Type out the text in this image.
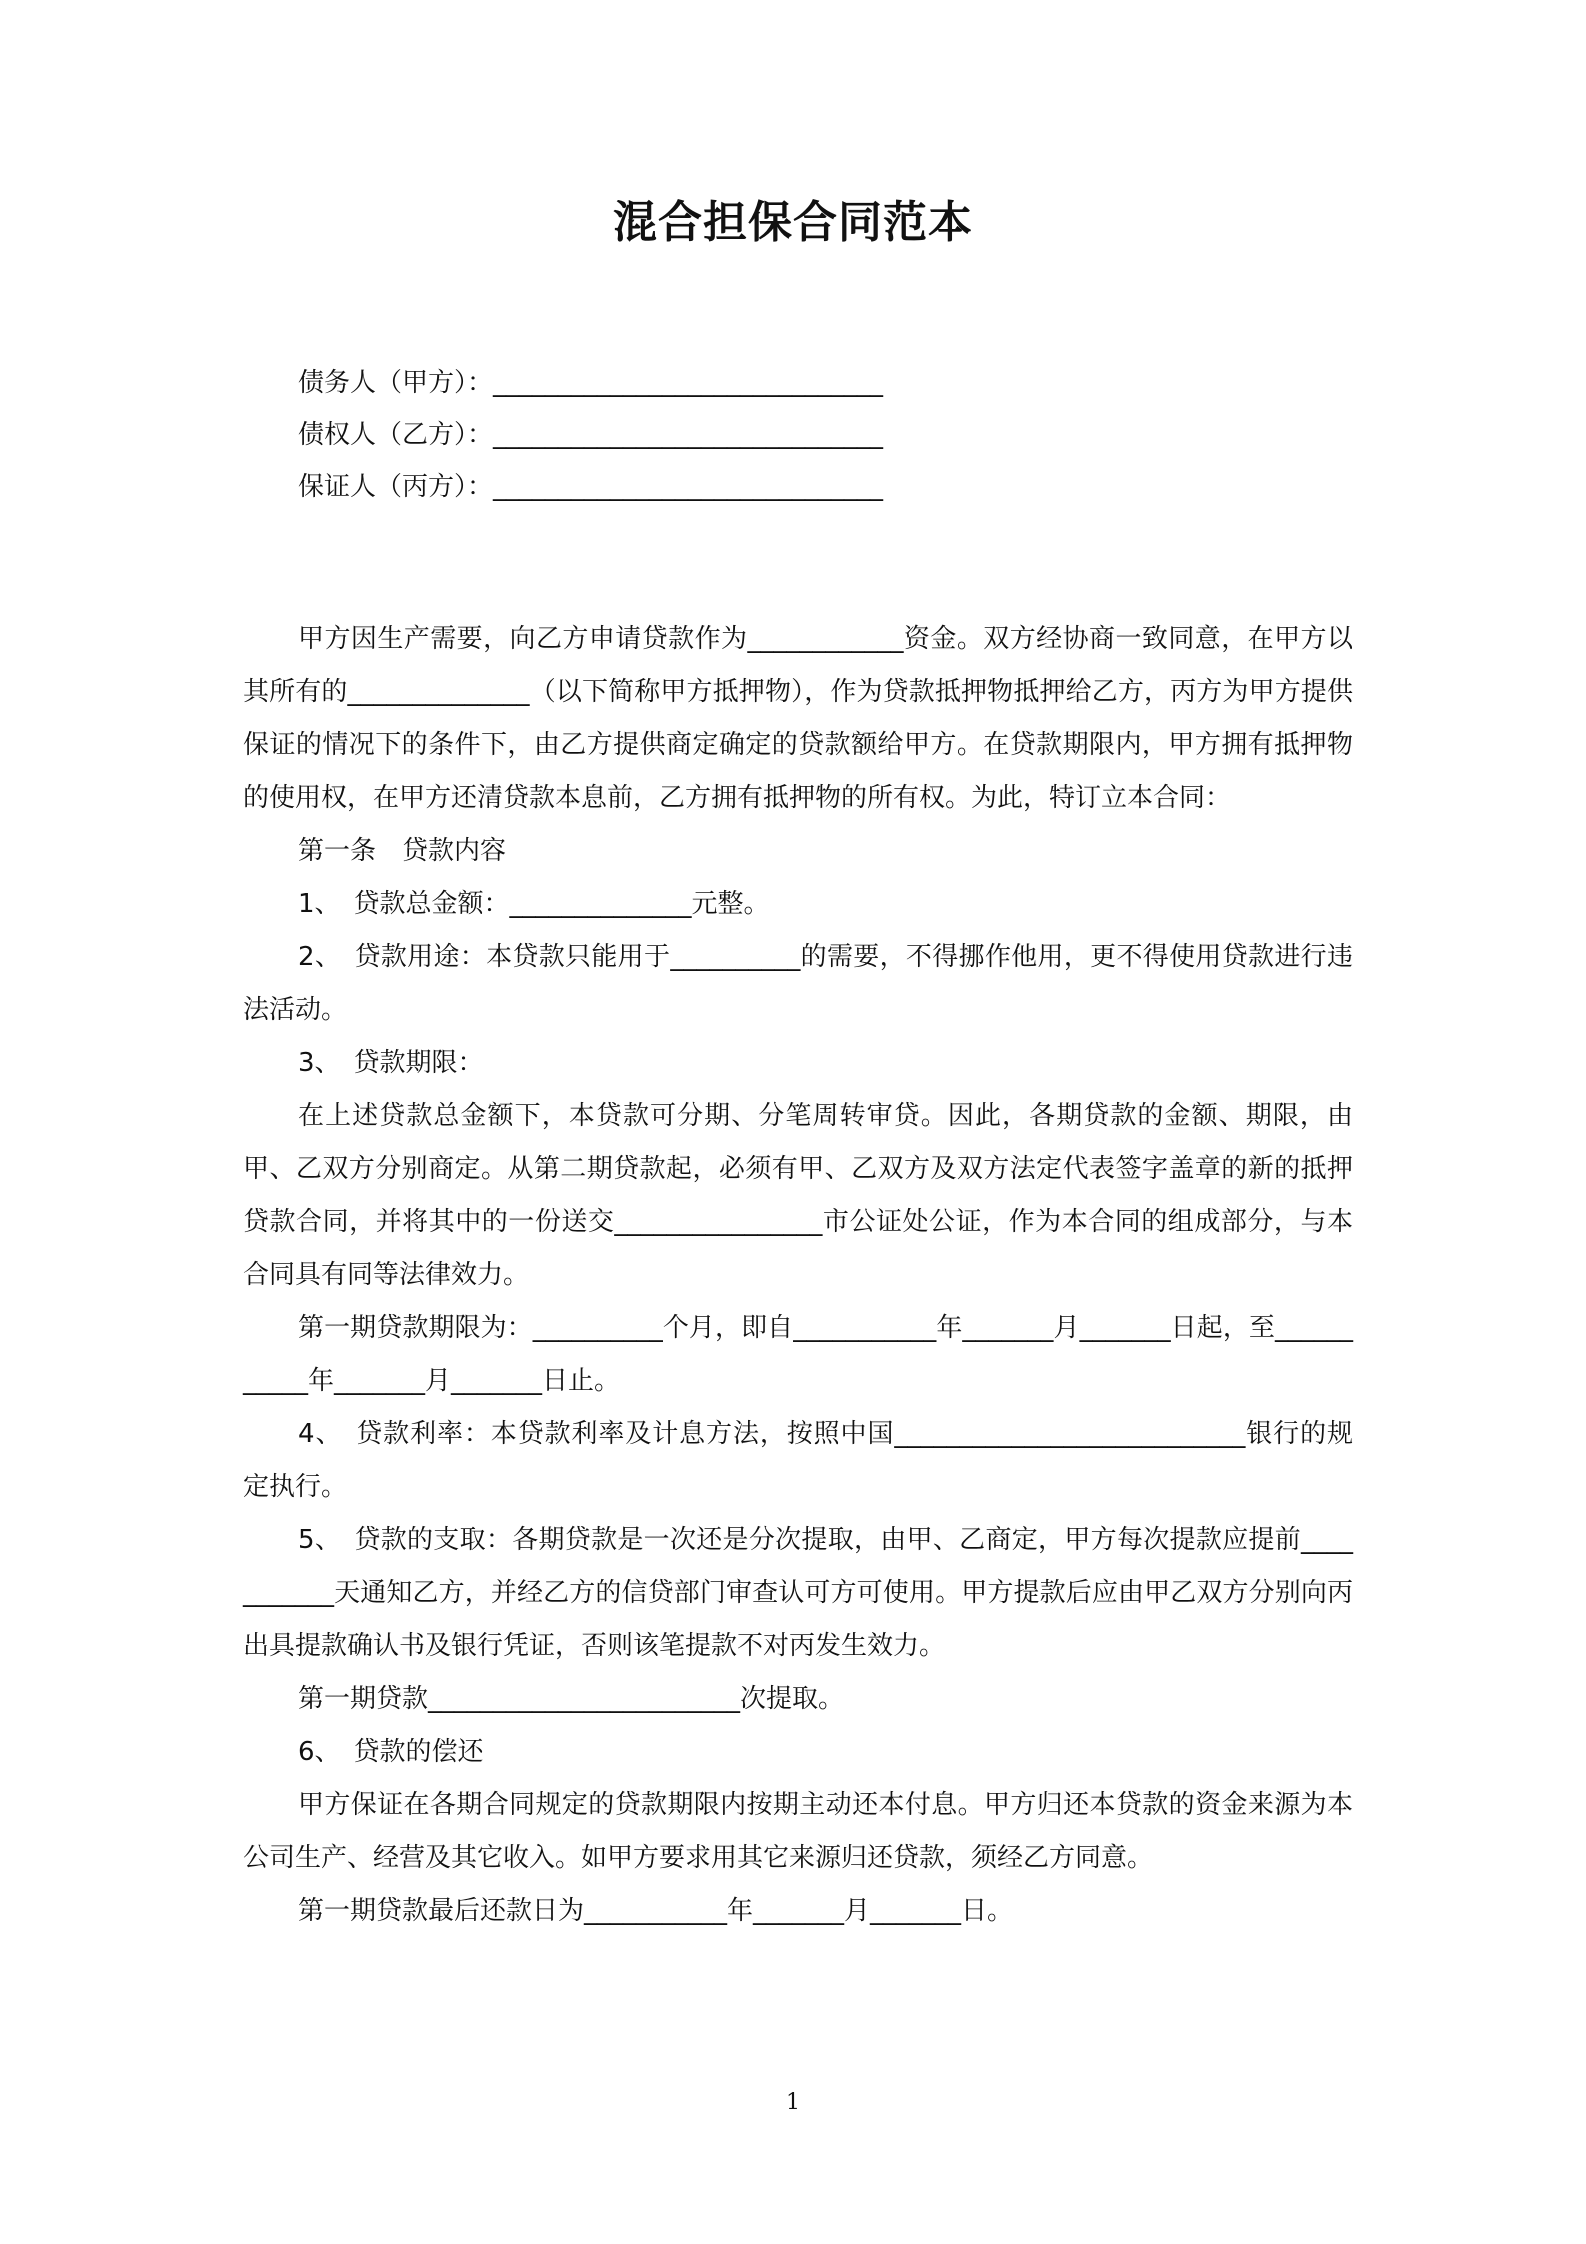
混合担保合同范本
债务人（甲方）：______________________________
债权人（乙方）：______________________________
保证人（丙方）：______________________________

甲方因生产需要，向乙方申请贷款作为____________资金。双方经协商一致同意，在甲方以其所有的______________（以下简称甲方抵押物），作为贷款抵押物抵押给乙方，丙方为甲方提供保证的情况下的条件下，由乙方提供商定确定的贷款额给甲方。在贷款期限内，甲方拥有抵押物的使用权，在甲方还清贷款本息前，乙方拥有抵押物的所有权。为此，特订立本合同：

第一条　贷款内容

1、　贷款总金额：______________元整。

2、　贷款用途：本贷款只能用于__________的需要，不得挪作他用，更不得使用贷款进行违法活动。

3、　贷款期限：

在上述贷款总金额下，本贷款可分期、分笔周转审贷。因此，各期贷款的金额、期限，由甲、乙双方分别商定。从第二期贷款起，必须有甲、乙双方及双方法定代表签字盖章的新的抵押贷款合同，并将其中的一份送交________________市公证处公证，作为本合同的组成部分，与本合同具有同等法律效力。

第一期贷款期限为：__________个月，即自___________年_______月_______日起，至___________年_______月_______日止。

4、　贷款利率：本贷款利率及计息方法，按照中国___________________________银行的规定执行。

5、　贷款的支取：各期贷款是一次还是分次提取，由甲、乙商定，甲方每次提款应提前___________天通知乙方，并经乙方的信贷部门审查认可方可使用。甲方提款后应由甲乙双方分别向丙出具提款确认书及银行凭证，否则该笔提款不对丙发生效力。

第一期贷款________________________次提取。

6、　贷款的偿还

甲方保证在各期合同规定的贷款期限内按期主动还本付息。甲方归还本贷款的资金来源为本公司生产、经营及其它收入。如甲方要求用其它来源归还贷款，须经乙方同意。

第一期贷款最后还款日为___________年_______月_______日。

1
